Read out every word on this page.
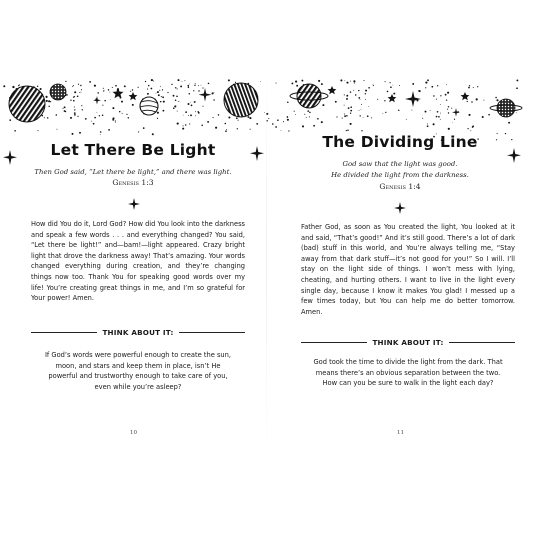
Let There Be Light
Then God said, “Let there be light,” and there was light.
Genesis 1:3
How did You do it, Lord God? How did You look into the darkness and speak a few words . . . and everything changed? You said, “Let there be light!” and—bam!—light appeared. Crazy bright light that drove the darkness away! That’s amazing. Your words changed everything during creation, and they’re changing things now too. Thank You for speaking good words over my life! You’re creating great things in me, and I’m so grateful for Your power! Amen.
THINK ABOUT IT:
If God’s words were powerful enough to create the sun, moon, and stars and keep them in place, isn’t He powerful and trustworthy enough to take care of you, even while you’re asleep?
10
The Dividing Line
God saw that the light was good.
He divided the light from the darkness.
Genesis 1:4
Father God, as soon as You created the light, You looked at it and said, “That’s good!” And it’s still good. There’s a lot of dark (bad) stuff in this world, and You’re always telling me, “Stay away from that dark stuff—it’s not good for you!” So I will. I’ll stay on the light side of things. I won’t mess with lying, cheating, and hurting others. I want to live in the light every single day, because I know it makes You glad! I messed up a few times today, but You can help me do better tomorrow. Amen.
THINK ABOUT IT:
God took the time to divide the light from the dark. That means there’s an obvious separation between the two. How can you be sure to walk in the light each day?
11
